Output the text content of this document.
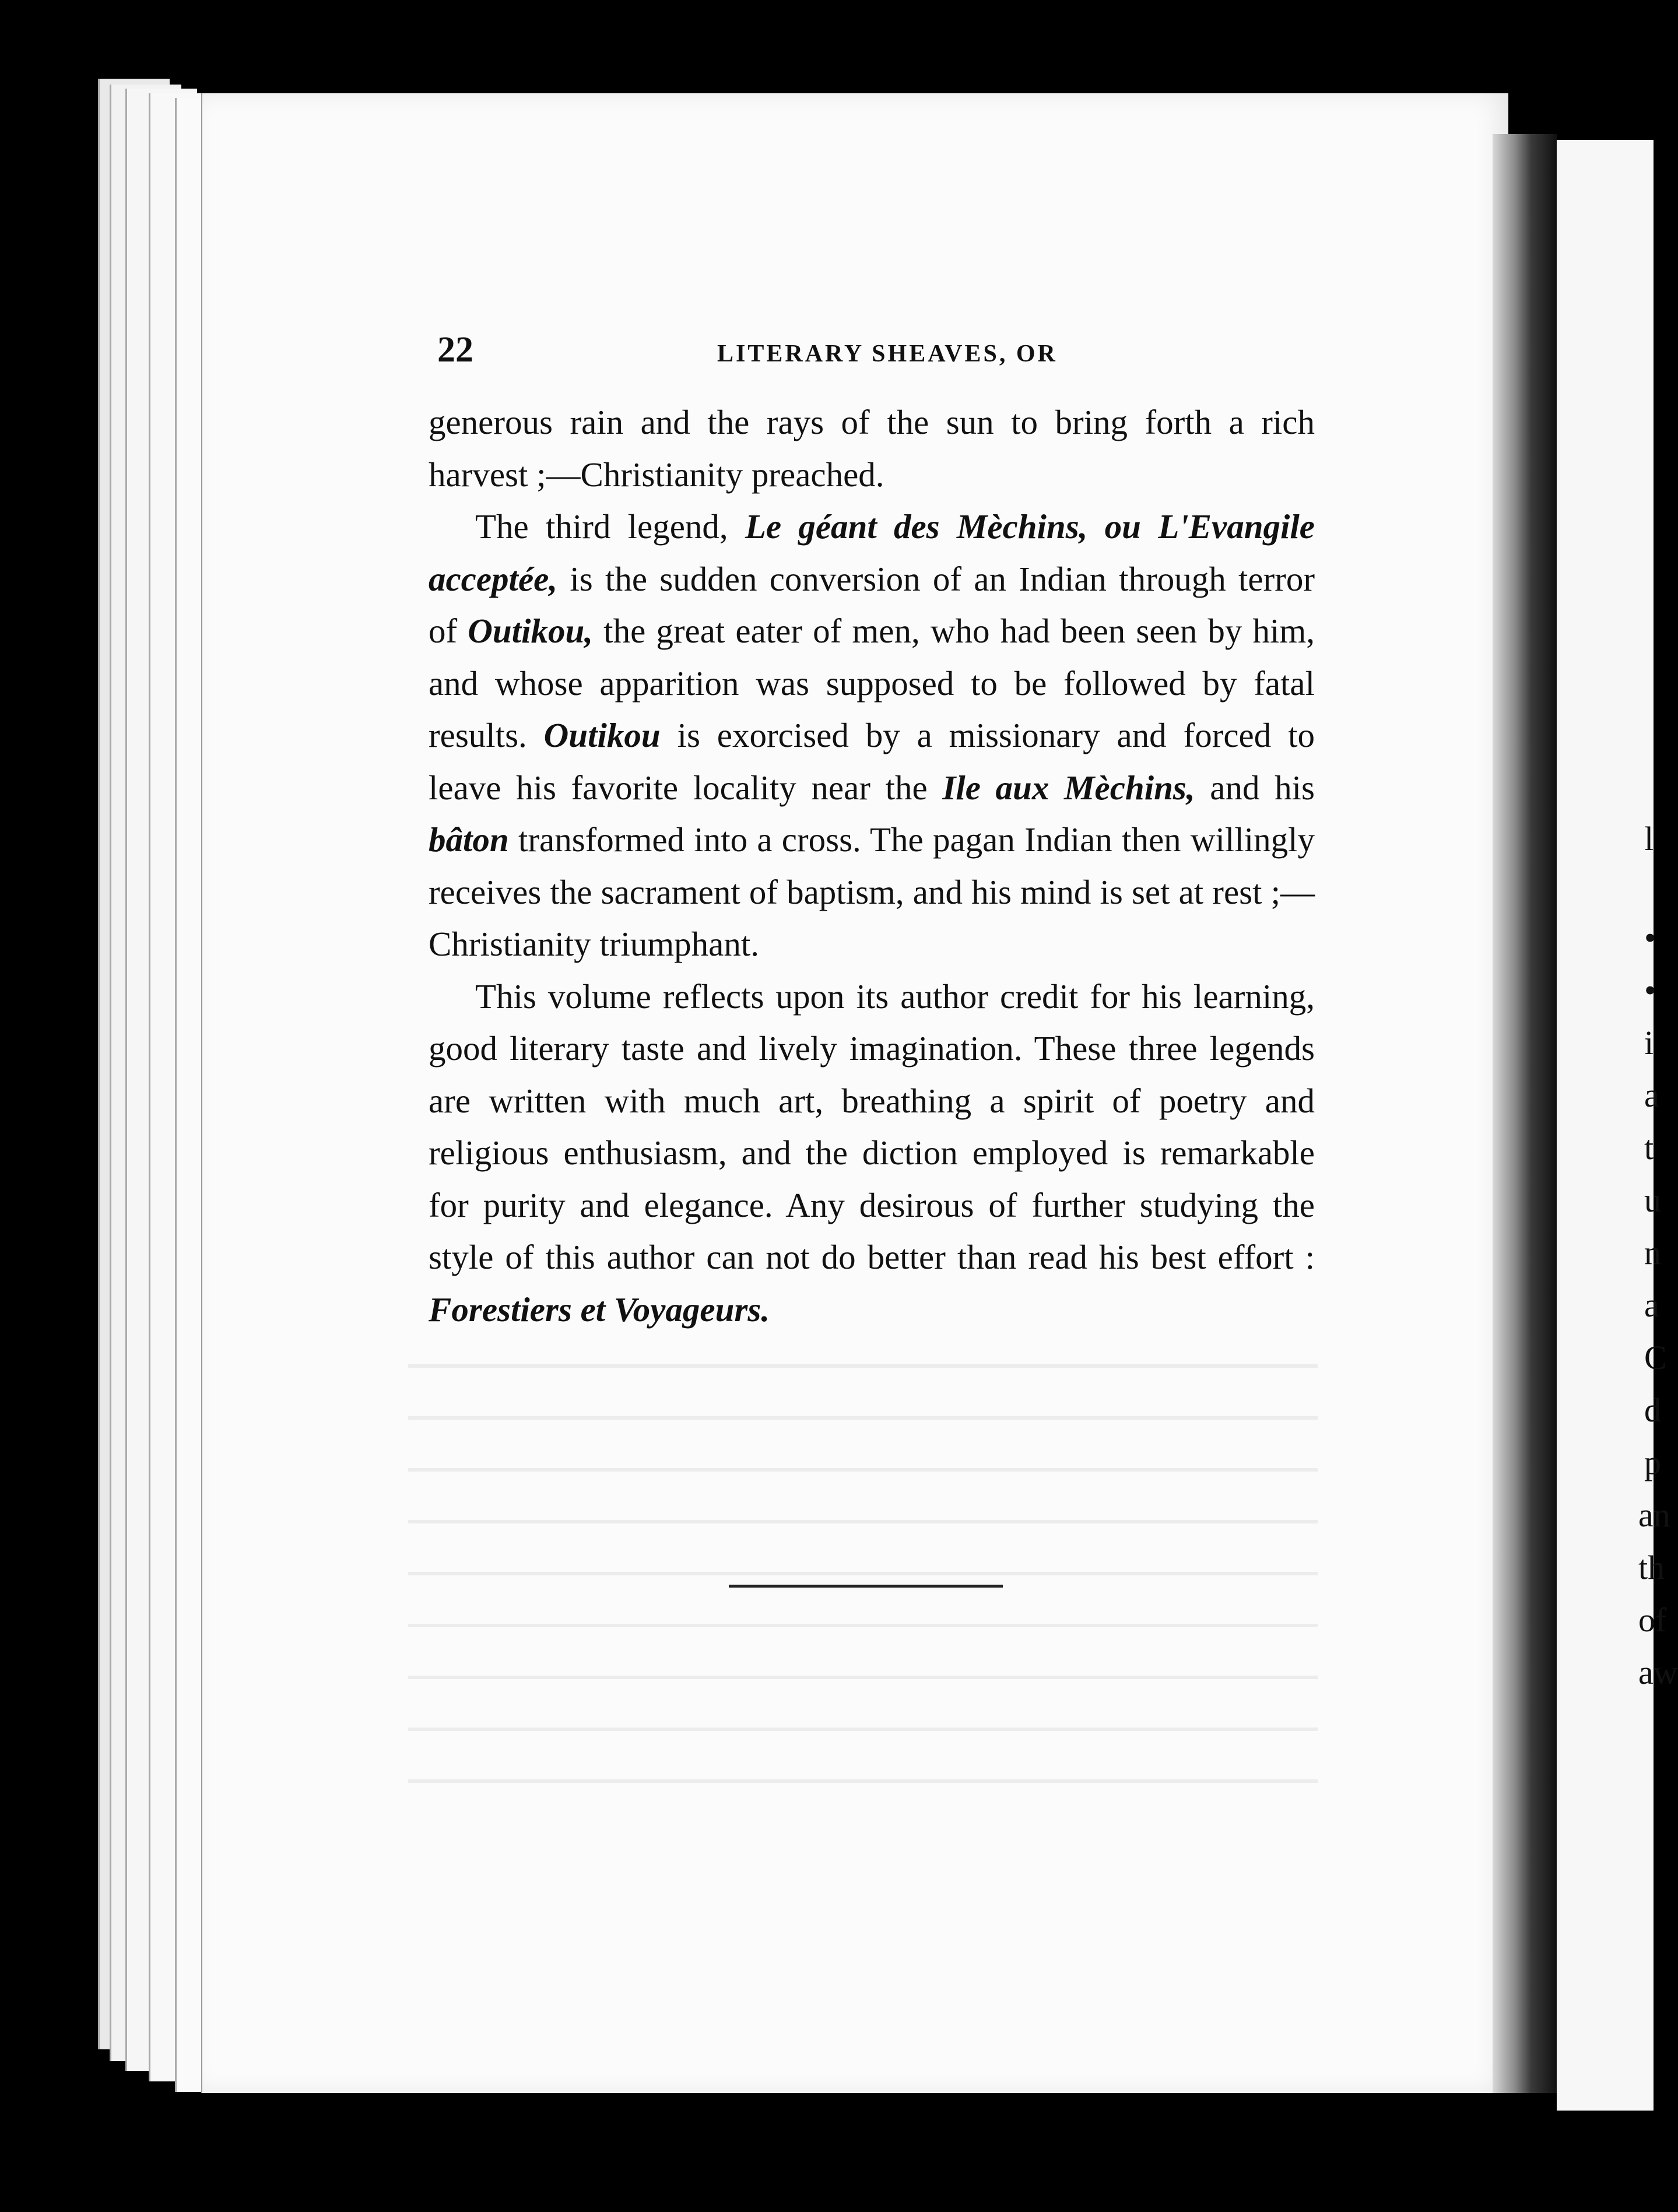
22	LITERARY SHEAVES, OR

generous rain and the rays of the sun to bring forth a rich harvest ;—Christianity preached.

The third legend, Le géant des Mèchins, ou L'Evangile acceptée, is the sudden conversion of an Indian through terror of Outikou, the great eater of men, who had been seen by him, and whose apparition was supposed to be followed by fatal results. Outikou is exorcised by a missionary and forced to leave his favorite locality near the Ile aux Mèchins, and his bâton transformed into a cross. The pagan Indian then willingly receives the sacrament of baptism, and his mind is set at rest ;—Christianity triumphant.

This volume reflects upon its author credit for his learning, good literary taste and lively imagination. These three legends are written with much art, breathing a spirit of poetry and religious enthusiasm, and the diction employed is remarkable for purity and elegance. Any desirous of further studying the style of this author can not do better than read his best effort : Forestiers et Voyageurs.

l
•
•
i
a
t
u
n
a
C
d
p
an
th
of
aw
